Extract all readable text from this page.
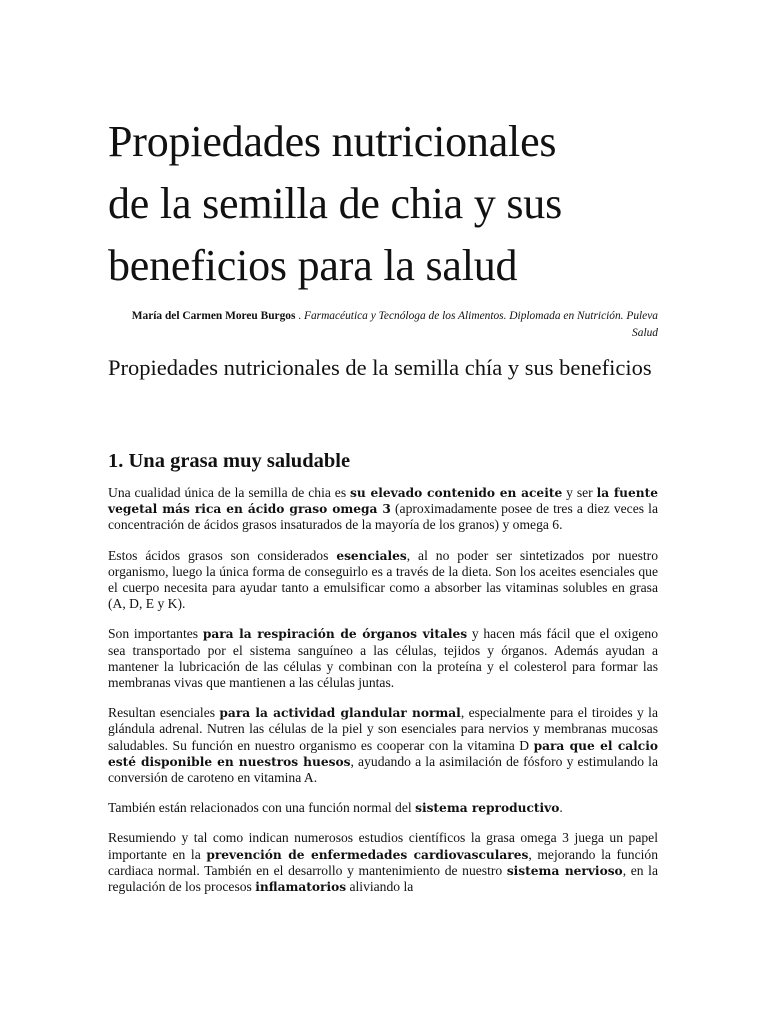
Propiedades nutricionales
de la semilla de chia y sus
beneficios para la salud
María del Carmen Moreu Burgos . Farmacéutica y Tecnóloga de los Alimentos. Diplomada en Nutrición. Puleva Salud
Propiedades nutricionales de la semilla chía y sus beneficios
1. Una grasa muy saludable

Una cualidad única de la semilla de chia es su elevado contenido en aceite y ser la fuente vegetal más rica en ácido graso omega 3 (aproximadamente posee de tres a diez veces la concentración de ácidos grasos insaturados de la mayoría de los granos) y omega 6.

Estos ácidos grasos son considerados esenciales, al no poder ser sintetizados por nuestro organismo, luego la única forma de conseguirlo es a través de la dieta. Son los aceites esenciales que el cuerpo necesita para ayudar tanto a emulsificar como a absorber las vitaminas solubles en grasa (A, D, E y K).

Son importantes para la respiración de órganos vitales y hacen más fácil que el oxigeno sea transportado por el sistema sanguíneo a las células, tejidos y órganos. Además ayudan a mantener la lubricación de las células y combinan con la proteína y el colesterol para formar las membranas vivas que mantienen a las células juntas.

Resultan esenciales para la actividad glandular normal, especialmente para el tiroides y la glándula adrenal. Nutren las células de la piel y son esenciales para nervios y membranas mucosas saludables. Su función en nuestro organismo es cooperar con la vitamina D para que el calcio esté disponible en nuestros huesos, ayudando a la asimilación de fósforo y estimulando la conversión de caroteno en vitamina A.

También están relacionados con una función normal del sistema reproductivo.

Resumiendo y tal como indican numerosos estudios científicos la grasa omega 3 juega un papel importante en la prevención de enfermedades cardiovasculares, mejorando la función cardiaca normal. También en el desarrollo y mantenimiento de nuestro sistema nervioso, en la regulación de los procesos inflamatorios aliviando la
